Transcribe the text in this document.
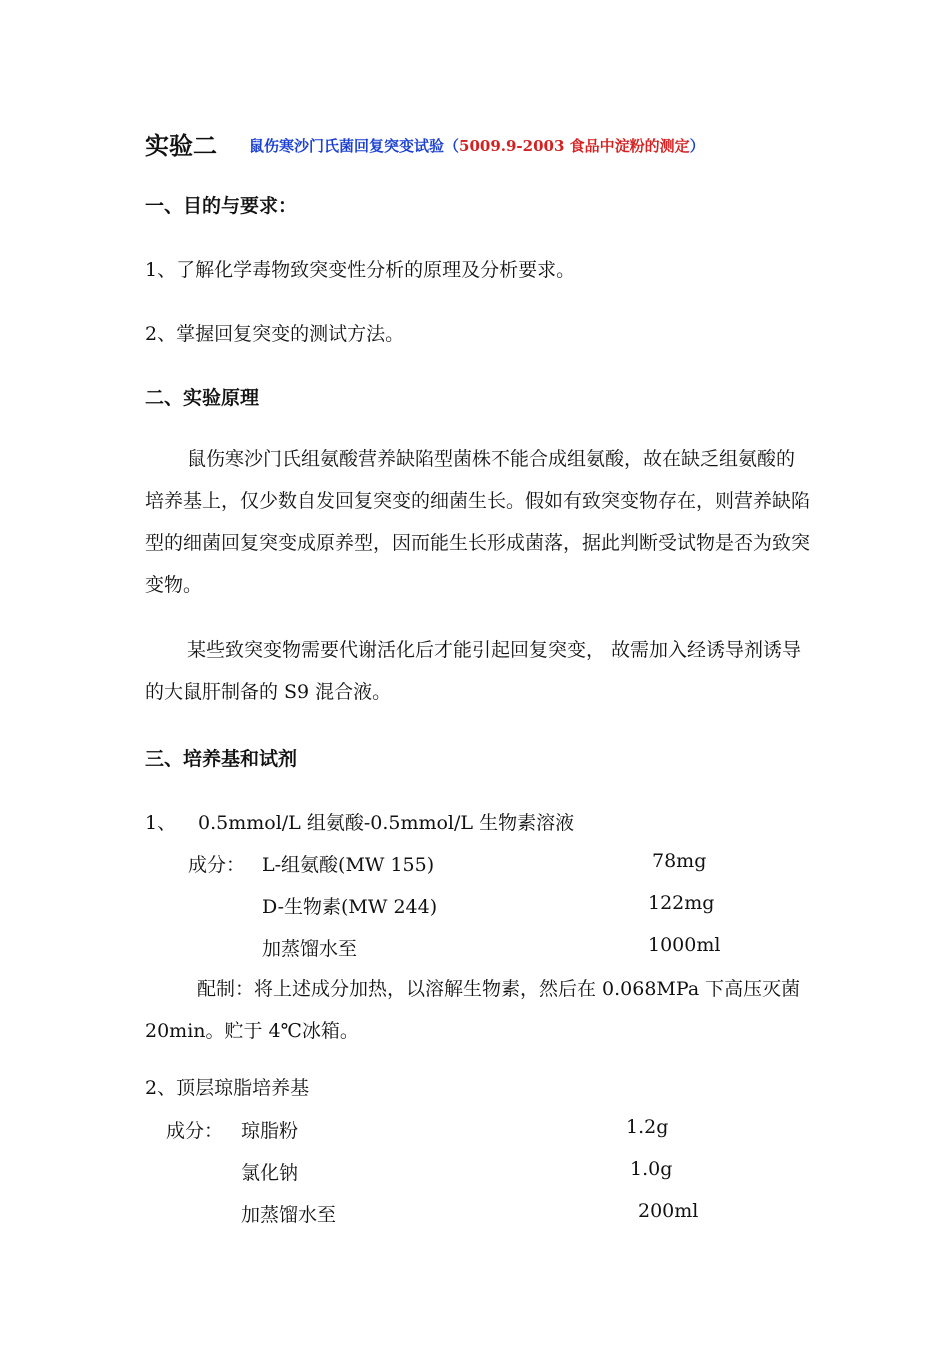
实验二 鼠伤寒沙门氏菌回复突变试验（5009.9-2003 食品中淀粉的测定）
一、目的与要求：
1、了解化学毒物致突变性分析的原理及分析要求。
2、掌握回复突变的测试方法。
二、实验原理
鼠伤寒沙门氏组氨酸营养缺陷型菌株不能合成组氨酸，故在缺乏组氨酸的培养基上，仅少数自发回复突变的细菌生长。假如有致突变物存在，则营养缺陷型的细菌回复突变成原养型，因而能生长形成菌落，据此判断受试物是否为致突变物。
某些致突变物需要代谢活化后才能引起回复突变， 故需加入经诱导剂诱导的大鼠肝制备的 S9 混合液。
三、培养基和试剂
1、 0.5mmol/L 组氨酸-0.5mmol/L 生物素溶液
成分： L-组氨酸(MW 155)	78mg
D-生物素(MW 244)	122mg
加蒸馏水至	1000ml
配制：将上述成分加热，以溶解生物素，然后在 0.068MPa 下高压灭菌 20min。贮于 4℃冰箱。
2、顶层琼脂培养基
成分： 琼脂粉	1.2g
氯化钠	1.0g
加蒸馏水至	200ml
